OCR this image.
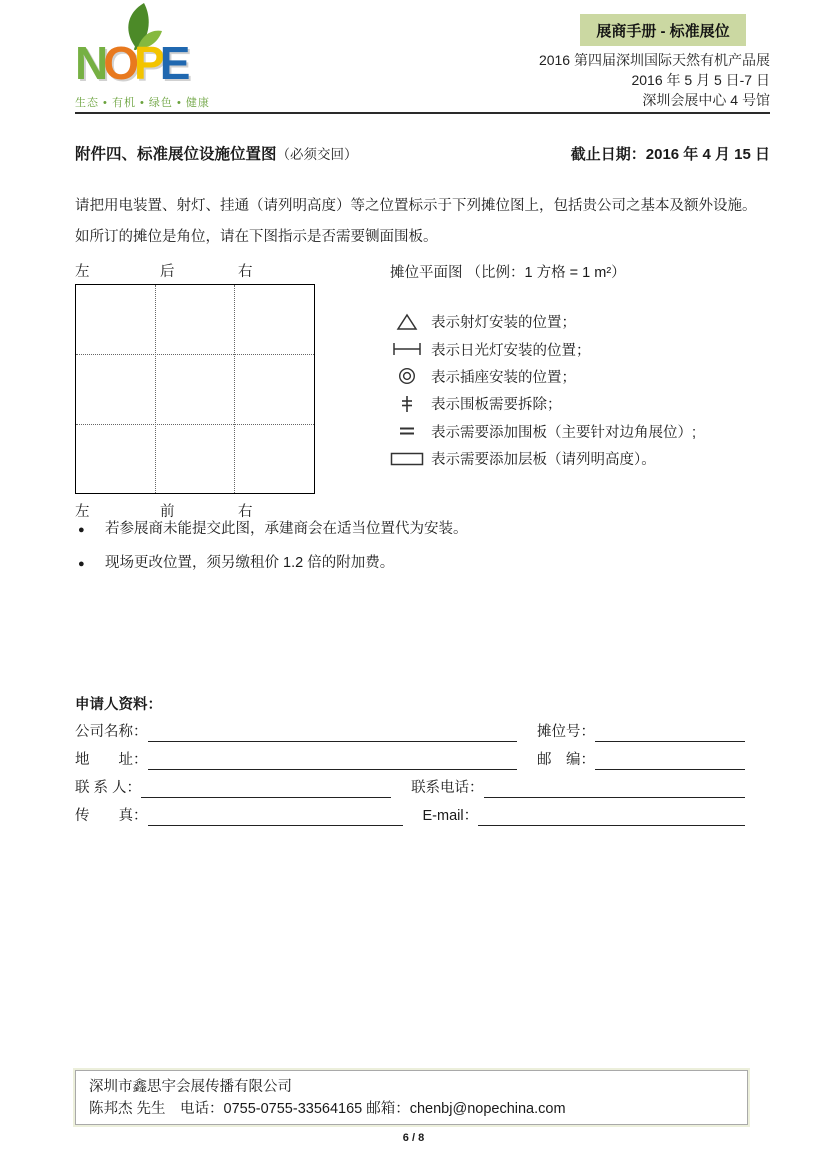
NOPE
生态 • 有机 • 绿色 • 健康
展商手册 - 标准展位
2016 第四届深圳国际天然有机产品展
2016 年 5 月 5 日-7 日
深圳会展中心 4 号馆
附件四、标准展位设施位置图（必须交回）	截止日期：2016 年 4 月 15 日
请把用电装置、射灯、挂通（请列明高度）等之位置标示于下列摊位图上，包括贵公司之基本及额外设施。
如所订的摊位是角位，请在下图指示是否需要铡面围板。
左	后	右
左	前	右
摊位平面图 （比例：1 方格 = 1 m²）
表示射灯安装的位置；
表示日光灯安装的位置；
表示插座安装的位置；
表示围板需要拆除；
表示需要添加围板（主要针对边角展位）;
表示需要添加层板（请列明高度）。
●	若参展商未能提交此图，承建商会在适当位置代为安装。
●	现场更改位置，须另缴租价 1.2 倍的附加费。
申请人资料：
公司名称：	摊位号：
地　　址：	邮　编：
联 系 人：	联系电话：
传　　真：	E-mail：
深圳市鑫思宇会展传播有限公司
陈邦杰 先生　电话：0755-0755-33564165 邮箱：chenbj@nopechina.com
6 / 8
